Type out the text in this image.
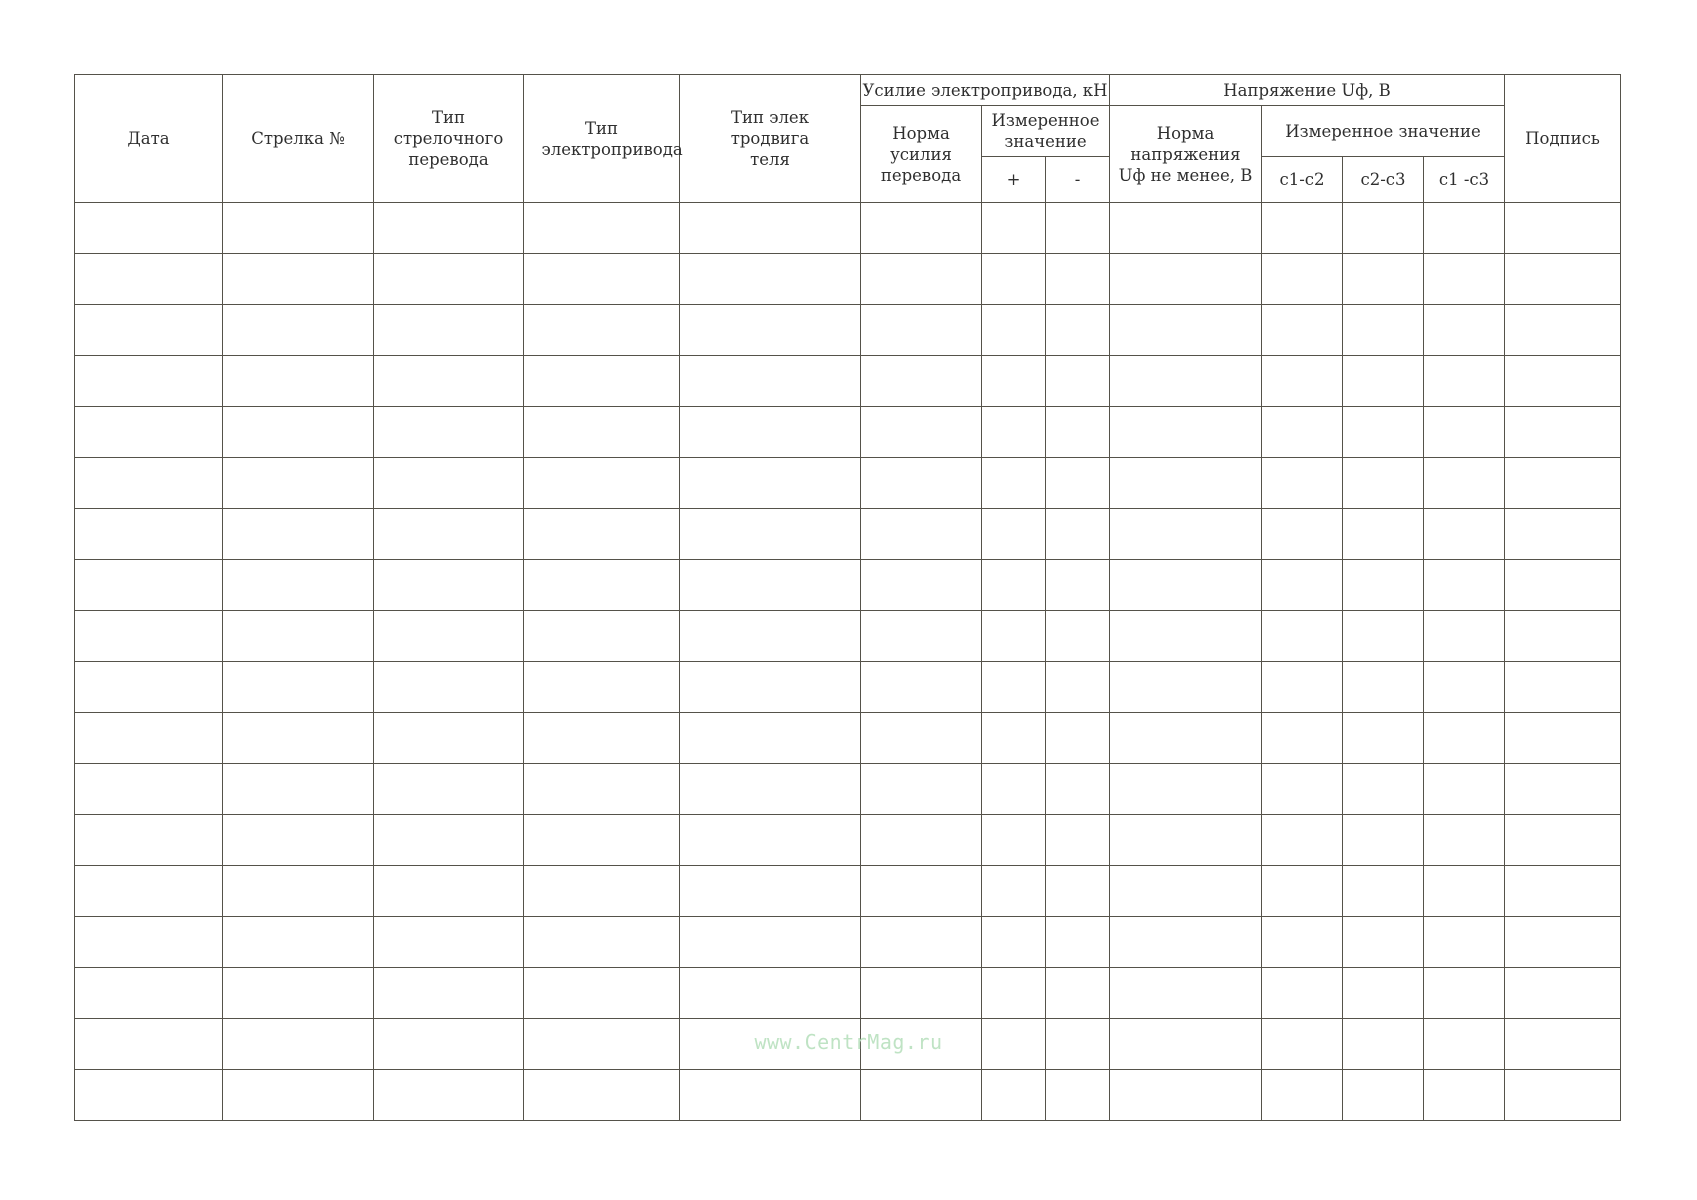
Дата	Стрелка №	Тип стрелочного перевода	Тип электропривода	Тип электродвигателя	Усилие электропривода, кН			Напряжение Uф, В				Подпись

					Норма усилия перевода	Измеренное значение		Норма напряжения Uф не менее, В	Измеренное значение			
						+	-		с1-с2	с2-с3	с1 -с3	

www.CentrMag.ru
